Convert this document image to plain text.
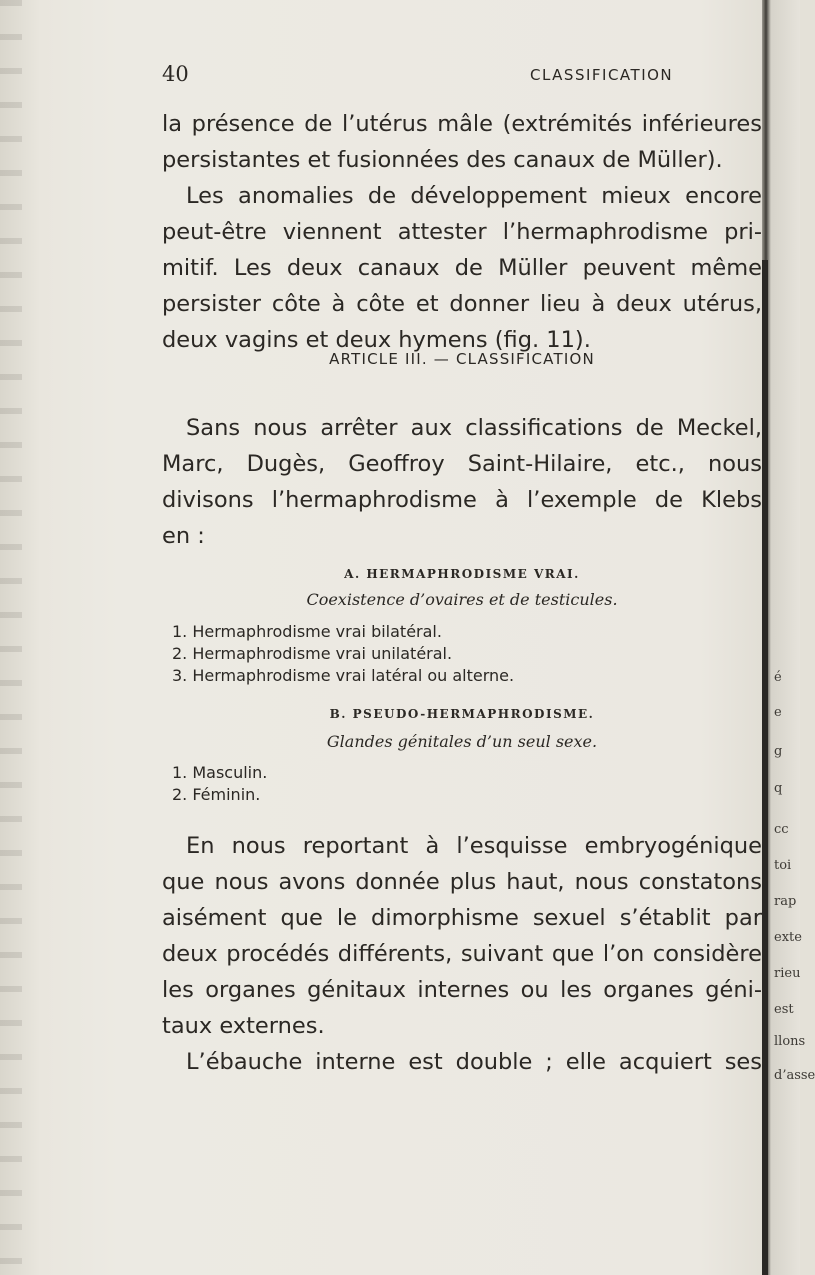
40	CLASSIFICATION
la présence de l’utérus mâle (extrémités inférieures
persistantes et fusionnées des canaux de Müller).
Les anomalies de développement mieux encore
peut-être viennent attester l’hermaphrodisme pri-
mitif. Les deux canaux de Müller peuvent même
persister côte à côte et donner lieu à deux utérus,
deux vagins et deux hymens (fig. 11).
ARTICLE III. — CLASSIFICATION
Sans nous arrêter aux classifications de Meckel,
Marc, Dugès, Geoffroy Saint-Hilaire, etc., nous
divisons l’hermaphrodisme à l’exemple de Klebs
en :
A. HERMAPHRODISME VRAI.
Coexistence d’ovaires et de testicules.
1. Hermaphrodisme vrai bilatéral.
2. Hermaphrodisme vrai unilatéral.
3. Hermaphrodisme vrai latéral ou alterne.
B. PSEUDO-HERMAPHRODISME.
Glandes génitales d’un seul sexe.
1. Masculin.
2. Féminin.
En nous reportant à l’esquisse embryogénique
que nous avons donnée plus haut, nous constatons
aisément que le dimorphisme sexuel s’établit par
deux procédés différents, suivant que l’on considère
les organes génitaux internes ou les organes géni-
taux externes.
L’ébauche interne est double ; elle acquiert ses
é
e
g
q
cc
toi
rap
exte
rieu
est
llons
d’asse
